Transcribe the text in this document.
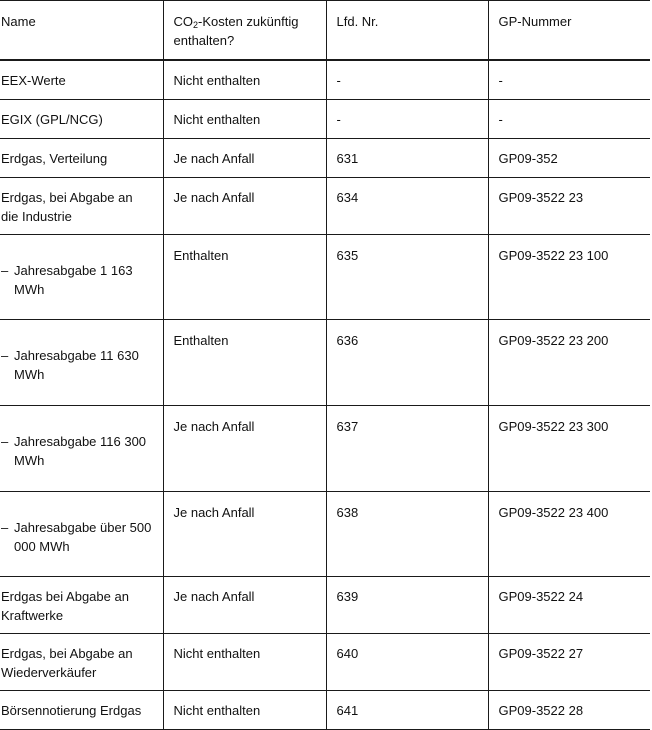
Name	$CO_2$-Kosten zukünftig enthalten?	Lfd. Nr.	GP-Nummer
EEX-Werte	Nicht enthalten	-	-
EGIX (GPL/NCG)	Nicht enthalten	-	-
Erdgas, Verteilung	Je nach Anfall	631	GP09-352
Erdgas, bei Abgabe an die Industrie	Je nach Anfall	634	GP09-3522 23

– Jahresabgabe 1 163 MWh	Enthalten	635	GP09-3522 23 100

– Jahresabgabe 11 630 MWh	Enthalten	636	GP09-3522 23 200

– Jahresabgabe 116 300 MWh	Je nach Anfall	637	GP09-3522 23 300

– Jahresabgabe über 500 000 MWh	Je nach Anfall	638	GP09-3522 23 400
Erdgas bei Abgabe an Kraftwerke	Je nach Anfall	639	GP09-3522 24
Erdgas, bei Abgabe an Wiederverkäufer	Nicht enthalten	640	GP09-3522 27
Börsennotierung Erdgas	Nicht enthalten	641	GP09-3522 28
